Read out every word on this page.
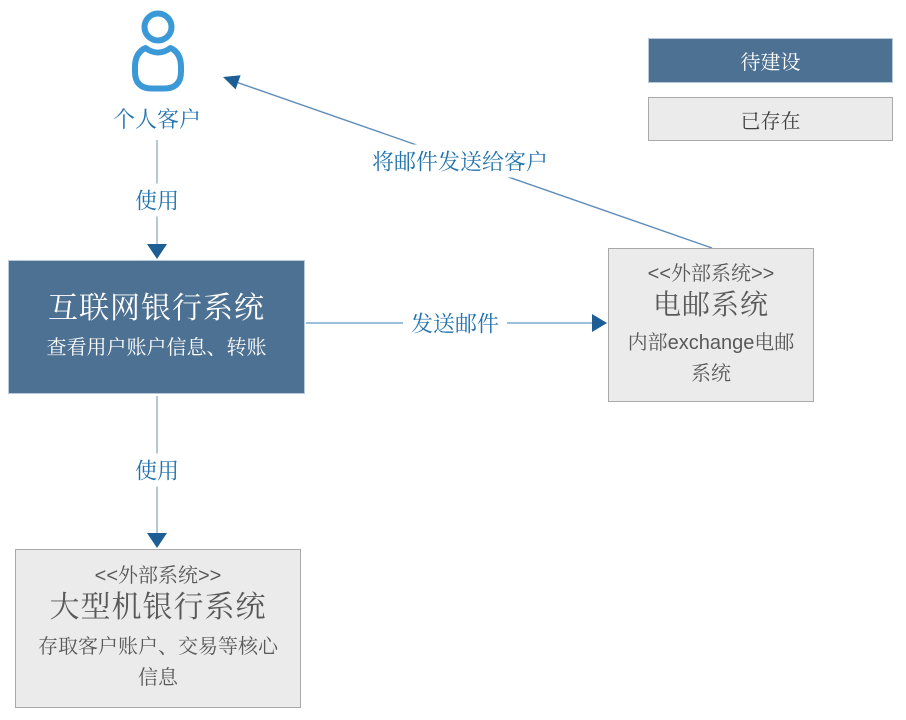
个人客户
使用
将邮件发送给客户
发送邮件
使用
互联网银行系统
查看用户账户信息、转账
<<外部系统>>
电邮系统
内部exchange电邮系统
<<外部系统>>
大型机银行系统
存取客户账户、交易等核心信息
待建设
已存在
